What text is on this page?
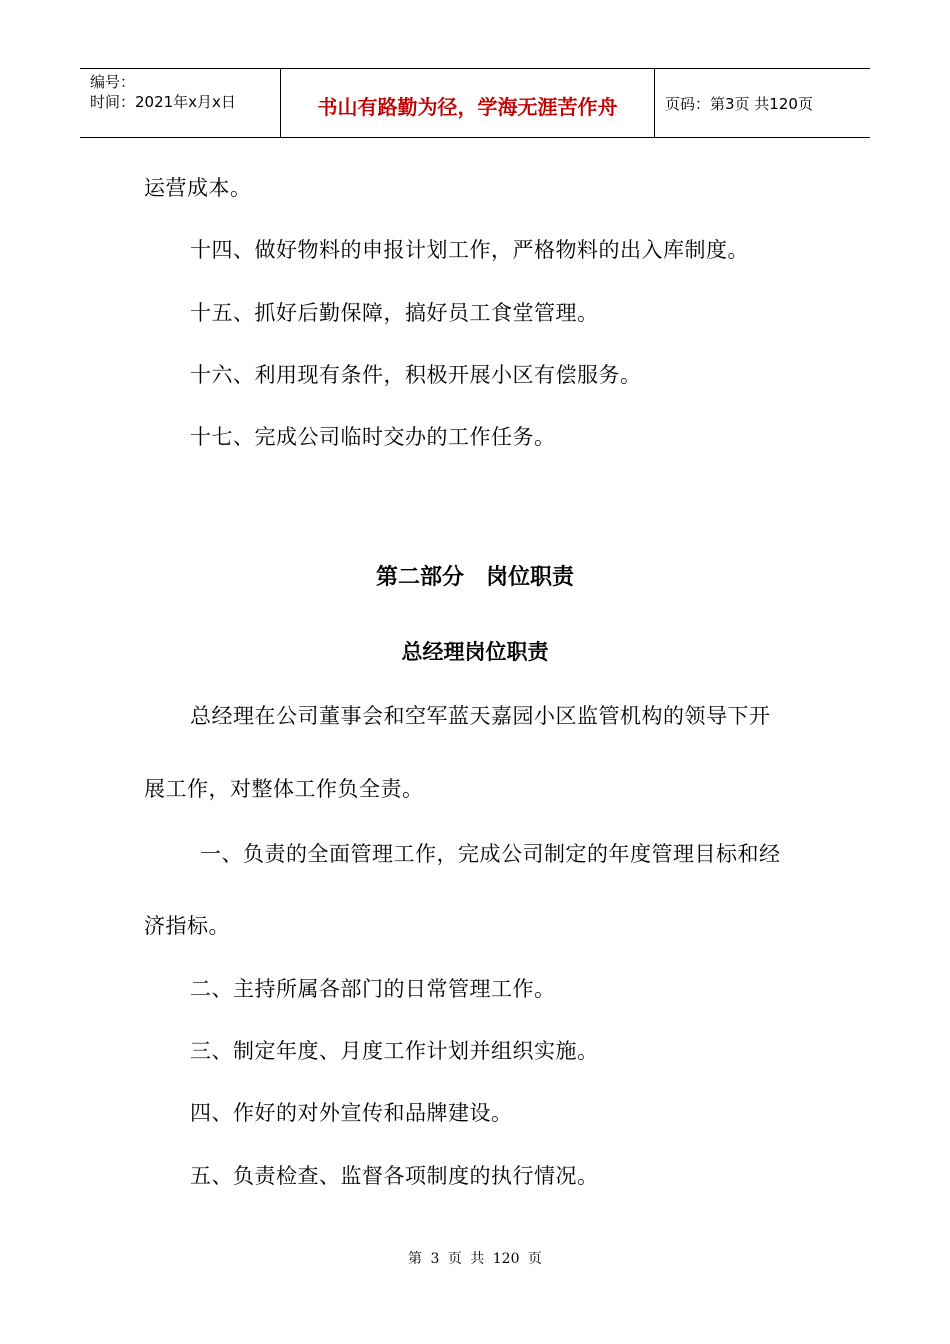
编号：
时间：2021年x月x日	书山有路勤为径，学海无涯苦作舟	页码：第3页 共120页
运营成本。
十四、做好物料的申报计划工作，严格物料的出入库制度。
十五、抓好后勤保障，搞好员工食堂管理。
十六、利用现有条件，积极开展小区有偿服务。
十七、完成公司临时交办的工作任务。
第二部分　岗位职责
总经理岗位职责
总经理在公司董事会和空军蓝天嘉园小区监管机构的领导下开
展工作，对整体工作负全责。
一、负责的全面管理工作，完成公司制定的年度管理目标和经
济指标。
二、主持所属各部门的日常管理工作。
三、制定年度、月度工作计划并组织实施。
四、作好的对外宣传和品牌建设。
五、负责检查、监督各项制度的执行情况。
第 3 页 共 120 页
